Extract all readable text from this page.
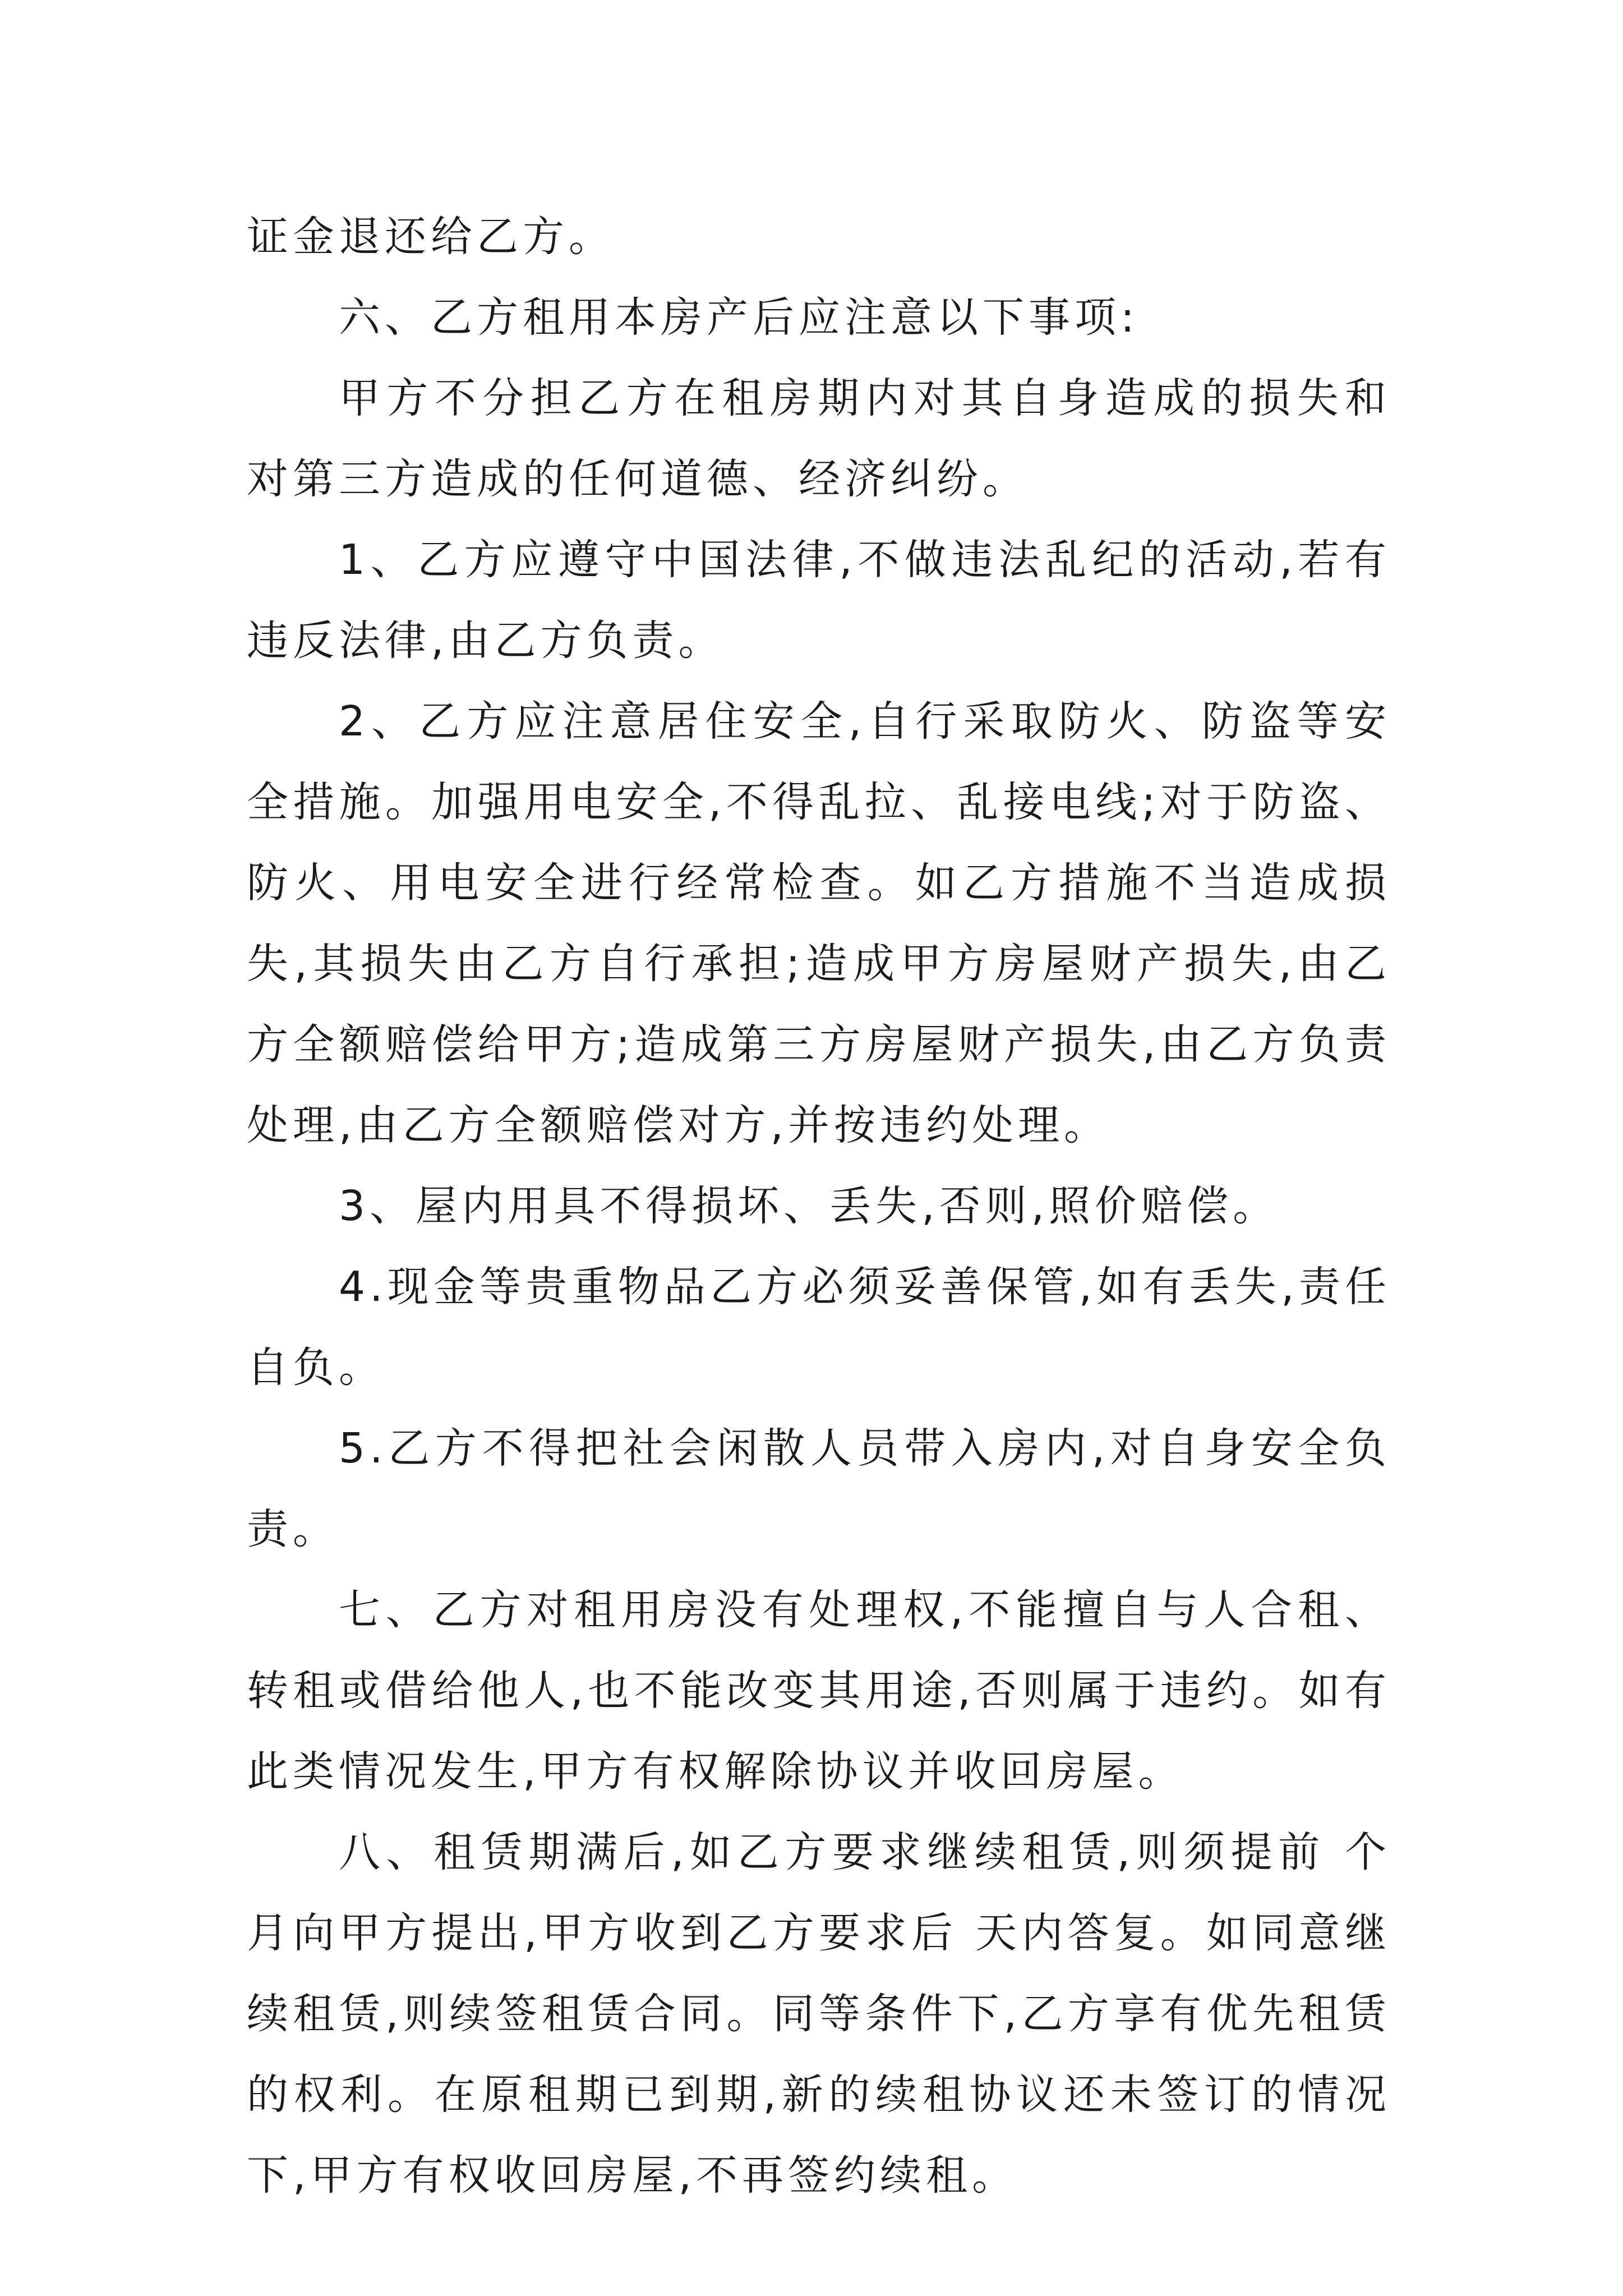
证金退还给乙方。

六、乙方租用本房产后应注意以下事项:

甲方不分担乙方在租房期内对其自身造成的损失和对第三方造成的任何道德、经济纠纷。

1、乙方应遵守中国法律,不做违法乱纪的活动,若有违反法律,由乙方负责。

2、乙方应注意居住安全,自行采取防火、防盗等安全措施。加强用电安全,不得乱拉、乱接电线;对于防盗、防火、用电安全进行经常检查。如乙方措施不当造成损失,其损失由乙方自行承担;造成甲方房屋财产损失,由乙方全额赔偿给甲方;造成第三方房屋财产损失,由乙方负责处理,由乙方全额赔偿对方,并按违约处理。

3、屋内用具不得损坏、丢失,否则,照价赔偿。

4.现金等贵重物品乙方必须妥善保管,如有丢失,责任自负。

5.乙方不得把社会闲散人员带入房内,对自身安全负责。

七、乙方对租用房没有处理权,不能擅自与人合租、转租或借给他人,也不能改变其用途,否则属于违约。如有此类情况发生,甲方有权解除协议并收回房屋。

八、租赁期满后,如乙方要求继续租赁,则须提前 个月向甲方提出,甲方收到乙方要求后 天内答复。如同意继续租赁,则续签租赁合同。同等条件下,乙方享有优先租赁的权利。在原租期已到期,新的续租协议还未签订的情况下,甲方有权收回房屋,不再签约续租。
